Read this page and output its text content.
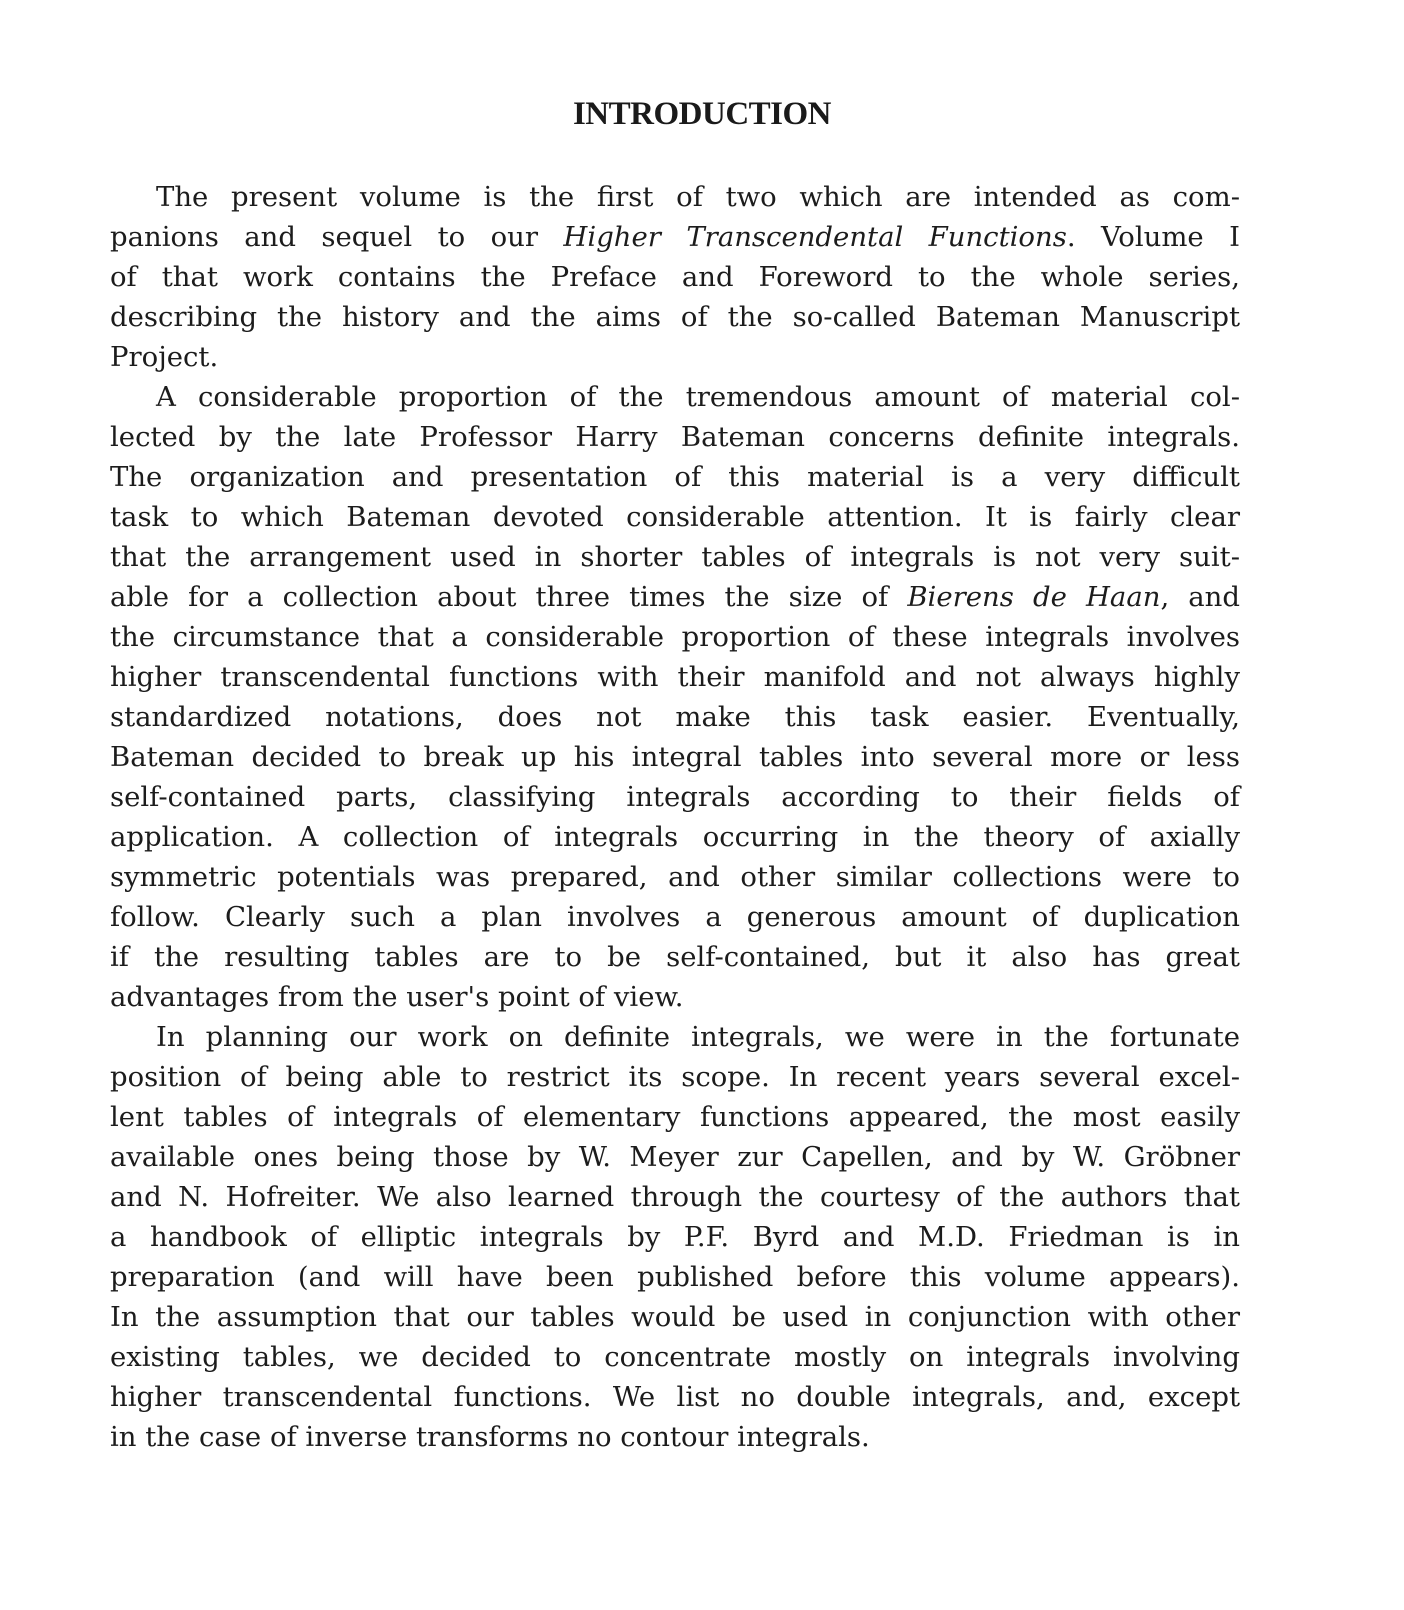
INTRODUCTION
The present volume is the first of two which are intended as com-
panions and sequel to our Higher Transcendental Functions. Volume I
of that work contains the Preface and Foreword to the whole series,
describing the history and the aims of the so-called Bateman Manuscript
Project.
A considerable proportion of the tremendous amount of material col-
lected by the late Professor Harry Bateman concerns definite integrals.
The organization and presentation of this material is a very difficult
task to which Bateman devoted considerable attention. It is fairly clear
that the arrangement used in shorter tables of integrals is not very suit-
able for a collection about three times the size of Bierens de Haan, and
the circumstance that a considerable proportion of these integrals involves
higher transcendental functions with their manifold and not always highly
standardized notations, does not make this task easier. Eventually,
Bateman decided to break up his integral tables into several more or less
self-contained parts, classifying integrals according to their fields of
application. A collection of integrals occurring in the theory of axially
symmetric potentials was prepared, and other similar collections were to
follow. Clearly such a plan involves a generous amount of duplication
if the resulting tables are to be self-contained, but it also has great
advantages from the user's point of view.
In planning our work on definite integrals, we were in the fortunate
position of being able to restrict its scope. In recent years several excel-
lent tables of integrals of elementary functions appeared, the most easily
available ones being those by W. Meyer zur Capellen, and by W. Gröbner
and N. Hofreiter. We also learned through the courtesy of the authors that
a handbook of elliptic integrals by P.F. Byrd and M.D. Friedman is in
preparation (and will have been published before this volume appears).
In the assumption that our tables would be used in conjunction with other
existing tables, we decided to concentrate mostly on integrals involving
higher transcendental functions. We list no double integrals, and, except
in the case of inverse transforms no contour integrals.
